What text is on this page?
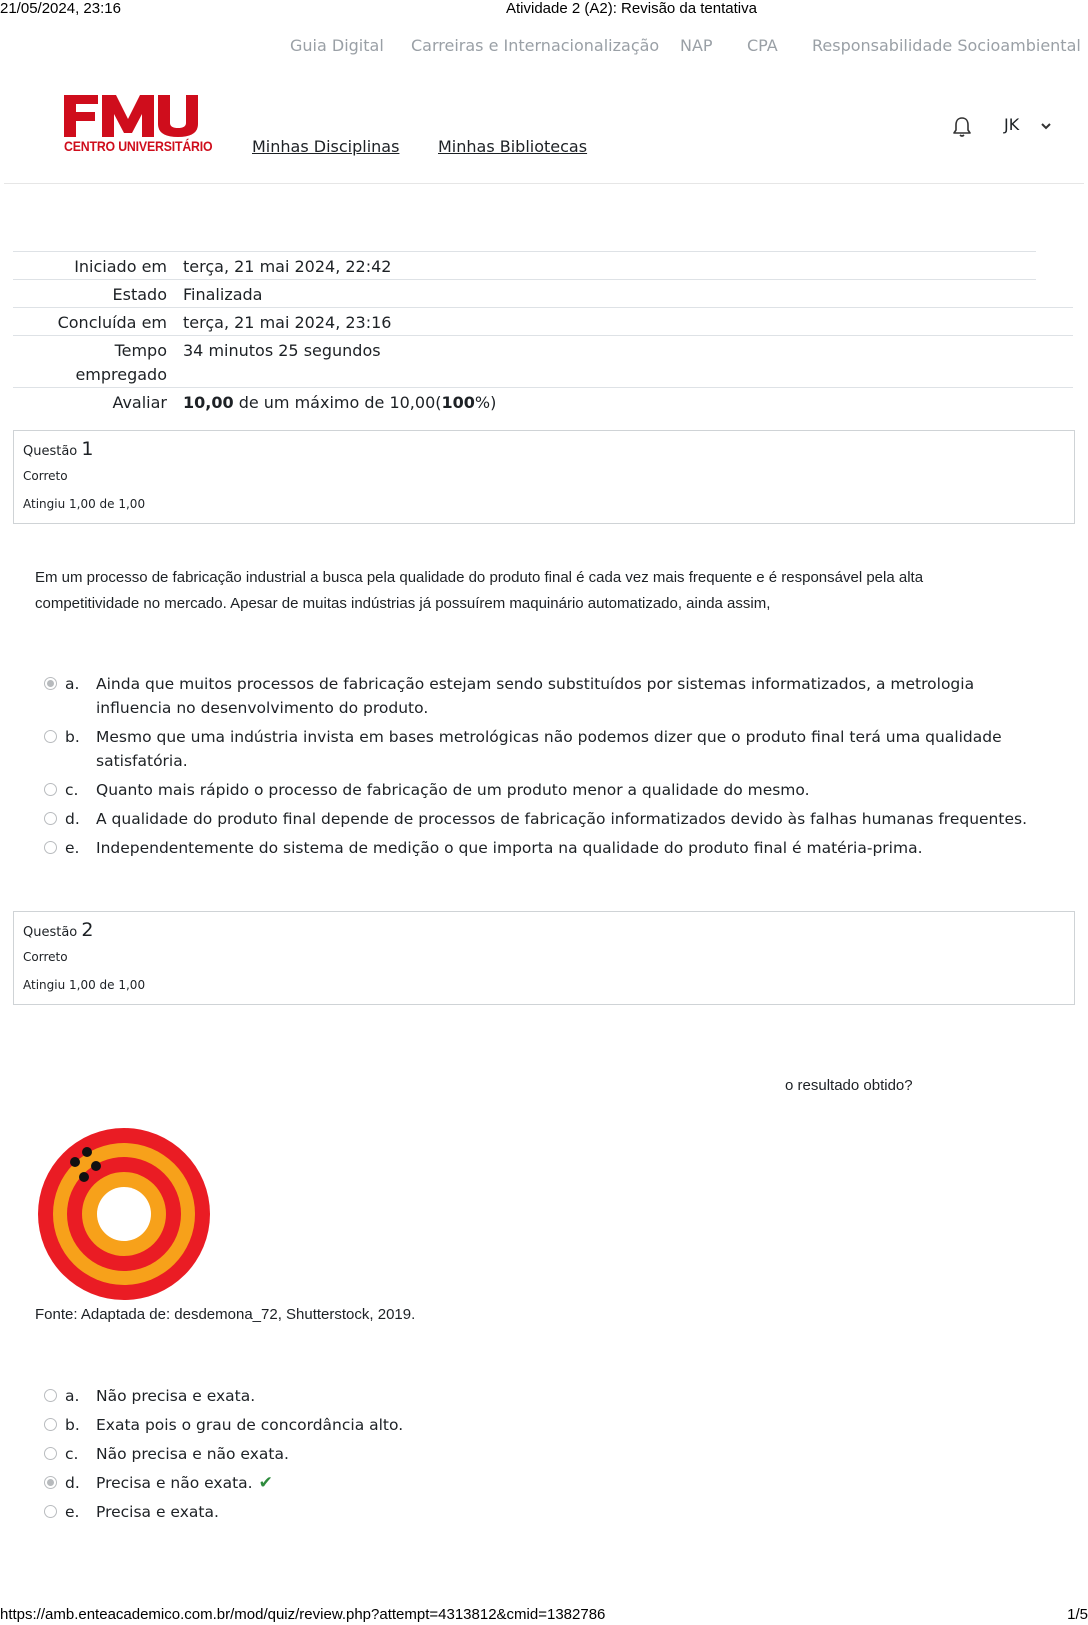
21/05/2024, 23:16	Atividade 2 (A2): Revisão da tentativa
Guia Digital Carreiras e Internacionalização NAP CPA Responsabilidade Socioambiental
CENTRO UNIVERSITÁRIO Minhas Disciplinas Minhas Bibliotecas
JK
Iniciado em terça, 21 mai 2024, 22:42
Estado Finalizada
Concluída em terça, 21 mai 2024, 23:16
Tempo
empregado
34 minutos 25 segundos
Avaliar 10,00 de um máximo de 10,00(100%)
Questão 1
Correto
Atingiu 1,00 de 1,00
Em um processo de fabricação industrial a busca pela qualidade do produto final é cada vez mais frequente e é responsável pela alta
competitividade no mercado. Apesar de muitas indústrias já possuírem maquinário automatizado, ainda assim,
a. Ainda que muitos processos de fabricação estejam sendo substituídos por sistemas informatizados, a metrologia
influencia no desenvolvimento do produto.
b. Mesmo que uma indústria invista em bases metrológicas não podemos dizer que o produto final terá uma qualidade
satisfatória.
c. Quanto mais rápido o processo de fabricação de um produto menor a qualidade do mesmo.
d. A qualidade do produto final depende de processos de fabricação informatizados devido às falhas humanas frequentes.
e. Independentemente do sistema de medição o que importa na qualidade do produto final é matéria-prima.
Questão 2
Correto
Atingiu 1,00 de 1,00
o resultado obtido?
Fonte: Adaptada de: desdemona_72, Shutterstock, 2019.
a. Não precisa e exata.
b. Exata pois o grau de concordância alto.
c. Não precisa e não exata.
d. Precisa e não exata. ✔
e. Precisa e exata.
https://amb.enteacademico.com.br/mod/quiz/review.php?attempt=4313812&cmid=1382786	1/5
